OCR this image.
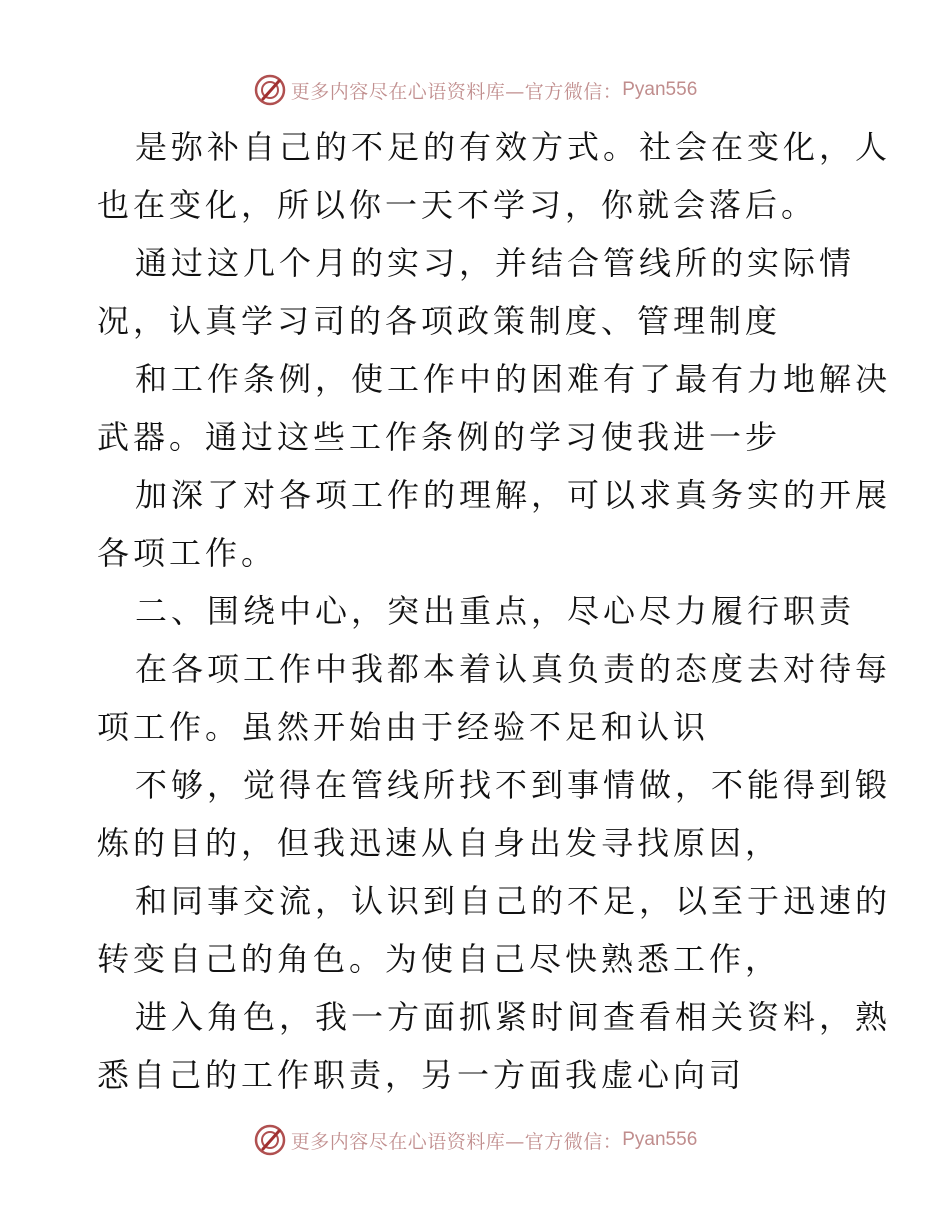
更多内容尽在心语资料库—官方微信： Pyan556
是弥补自己的不足的有效方式。社会在变化，人
也在变化，所以你一天不学习，你就会落后。
通过这几个月的实习，并结合管线所的实际情
况，认真学习司的各项政策制度、管理制度
和工作条例，使工作中的困难有了最有力地解决
武器。通过这些工作条例的学习使我进一步
加深了对各项工作的理解，可以求真务实的开展
各项工作。
二、围绕中心，突出重点，尽心尽力履行职责
在各项工作中我都本着认真负责的态度去对待每
项工作。虽然开始由于经验不足和认识
不够，觉得在管线所找不到事情做，不能得到锻
炼的目的，但我迅速从自身出发寻找原因，
和同事交流，认识到自己的不足，以至于迅速的
转变自己的角色。为使自己尽快熟悉工作，
进入角色，我一方面抓紧时间查看相关资料，熟
悉自己的工作职责，另一方面我虚心向司
更多内容尽在心语资料库—官方微信： Pyan556
